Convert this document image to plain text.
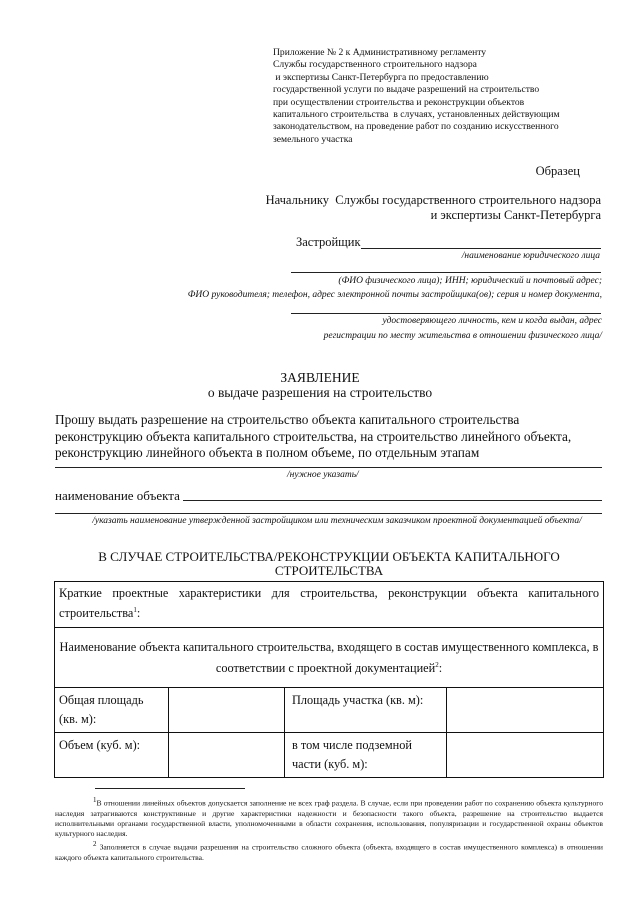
Приложение № 2 к Административному регламенту
Службы государственного строительного надзора
и экспертизы Санкт-Петербурга по предоставлению
государственной услуги по выдаче разрешений на строительство
при осуществлении строительства и реконструкции объектов
капитального строительства  в случаях, установленных действующим
законодательством, на проведение работ по созданию искусственного
земельного участка
Образец
Начальнику  Службы государственного строительного надзора
и экспертизы Санкт-Петербурга
Застройщик
/наименование юридического лица
(ФИО физического лица); ИНН; юридический и почтовый адрес;
ФИО руководителя; телефон, адрес электронной почты застройщика(ов); серия и номер документа,
удостоверяющего личность, кем и когда выдан, адрес
регистрации по месту жительства в отношении физического лица/
ЗАЯВЛЕНИЕ
о выдаче разрешения на строительство
Прошу выдать разрешение на строительство объекта капитального строительства реконструкцию объекта капитального строительства, на строительство линейного объекта, реконструкцию линейного объекта в полном объеме, по отдельным этапам
/нужное указать/
наименование объекта
/указать наименование утвержденной застройщиком или техническим заказчиком проектной документацией объекта/
В СЛУЧАЕ СТРОИТЕЛЬСТВА/РЕКОНСТРУКЦИИ ОБЪЕКТА КАПИТАЛЬНОГО СТРОИТЕЛЬСТВА
Краткие проектные характеристики для строительства, реконструкции объекта капитального строительства$^1$:			
Наименование объекта капитального строительства, входящего в состав имущественного комплекса, в соответствии с проектной документацией$^2$:			
Общая площадь (кв. м):		Площадь участка (кв. м):	
Объем (куб. м):		в том числе подземной части (куб. м):	
$^1$В отношении линейных объектов допускается заполнение не всех граф раздела. В случае, если при проведении работ по сохранению объекта культурного наследия затрагиваются конструктивные и другие характеристики надежности и безопасности такого объекта, разрешение на строительство выдается исполнительными органами государственной власти, уполномоченными в области сохранения, использования, популяризации и государственной охраны объектов культурного наследия.
$^2$ Заполняется в случае выдачи разрешения на строительство сложного объекта (объекта, входящего в состав имущественного комплекса) в отношении каждого объекта капитального строительства.
